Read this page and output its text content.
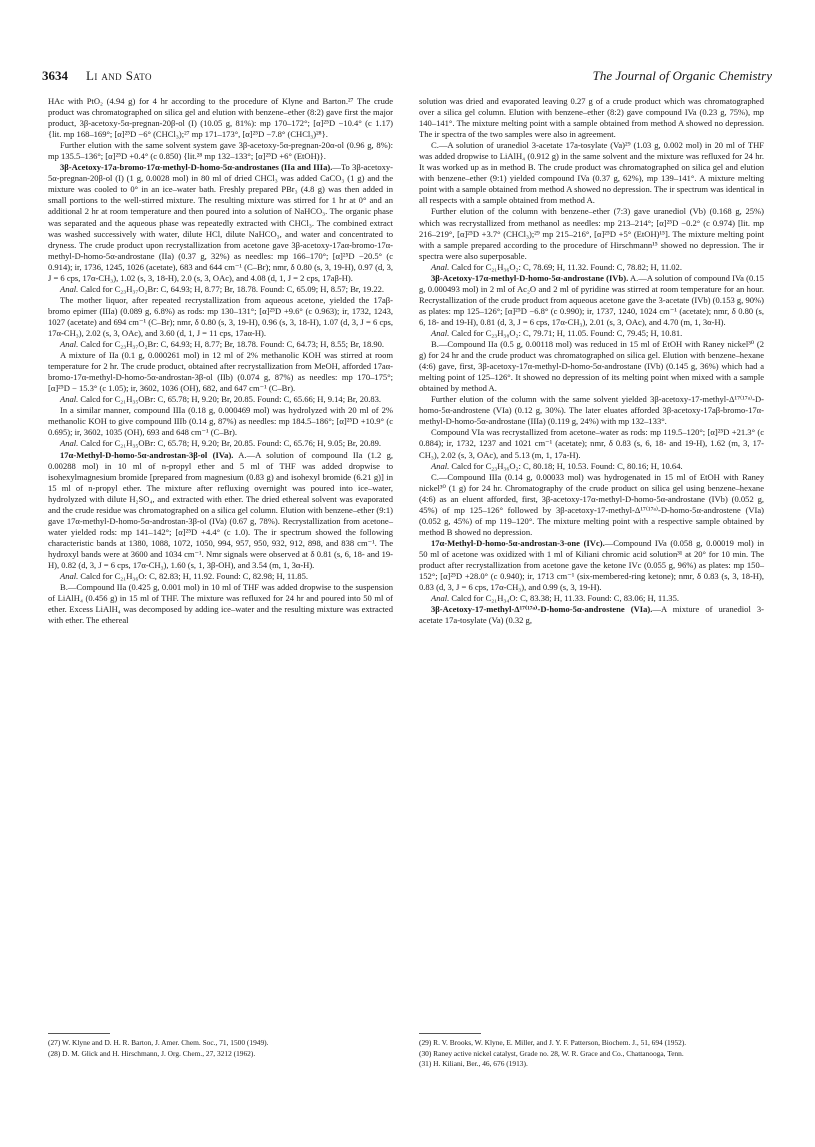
3634 Li and Sato	The Journal of Organic Chemistry

HAc with PtO₂ (4.94 g) for 4 hr according to the procedure of Klyne and Barton.²⁷ The crude product was chromatographed on silica gel and elution with benzene–ether (8:2) gave first the major product, 3β-acetoxy-5α-pregnan-20β-ol (I) (10.05 g, 81%): mp 170–172°; [α]²⁵D −10.4° (c 1.17) {lit. mp 168–169°; [α]²⁵D −6° (CHCl₃);²⁷ mp 171–173°, [α]²⁵D −7.8° (CHCl₃)²⁸}.

Further elution with the same solvent system gave 3β-acetoxy-5α-pregnan-20α-ol (0.96 g, 8%): mp 135.5–136°; [α]²⁵D +0.4° (c 0.850) {lit.²⁸ mp 132–133°; [α]²⁵D +6° (EtOH)}.

3β-Acetoxy-17a-bromo-17α-methyl-D-homo-5α-androstanes (IIa and IIIa).—To 3β-acetoxy-5α-pregnan-20β-ol (I) (1 g, 0.0028 mol) in 80 ml of dried CHCl₃ was added CaCO₃ (1 g) and the mixture was cooled to 0° in an ice–water bath. Freshly prepared PBr₃ (4.8 g) was then added in small portions to the well-stirred mixture. The resulting mixture was stirred for 1 hr at 0° and an additional 2 hr at room temperature and then poured into a solution of NaHCO₃. The organic phase was separated and the aqueous phase was repeatedly extracted with CHCl₃. The combined extract was washed successively with water, dilute HCl, dilute NaHCO₃, and water and concentrated to dryness. The crude product upon recrystallization from acetone gave 3β-acetoxy-17aα-bromo-17α-methyl-D-homo-5α-androstane (IIa) (0.37 g, 32%) as needles: mp 166–170°; [α]²⁵D −20.5° (c 0.914); ir, 1736, 1245, 1026 (acetate), 683 and 644 cm⁻¹ (C–Br); nmr, δ 0.80 (s, 3, 19-H), 0.97 (d, 3, J = 6 cps, 17α-CH₃), 1.02 (s, 3, 18-H), 2.0 (s, 3, OAc), and 4.08 (d, 1, J = 2 cps, 17aβ-H).

Anal. Calcd for C₂₃H₃₇O₂Br: C, 64.93; H, 8.77; Br, 18.78. Found: C, 65.09; H, 8.57; Br, 19.22.

The mother liquor, after repeated recrystallization from aqueous acetone, yielded the 17aβ-bromo epimer (IIIa) (0.089 g, 6.8%) as rods: mp 130–131°; [α]²⁵D +9.6° (c 0.963); ir, 1732, 1243, 1027 (acetate) and 694 cm⁻¹ (C–Br); nmr, δ 0.80 (s, 3, 19-H), 0.96 (s, 3, 18-H), 1.07 (d, 3, J = 6 cps, 17α-CH₃), 2.02 (s, 3, OAc), and 3.60 (d, 1, J = 11 cps, 17aα-H).

Anal. Calcd for C₂₃H₃₇O₂Br: C, 64.93; H, 8.77; Br, 18.78. Found: C, 64.73; H, 8.55; Br, 18.90.

A mixture of IIa (0.1 g, 0.000261 mol) in 12 ml of 2% methanolic KOH was stirred at room temperature for 2 hr. The crude product, obtained after recrystallization from MeOH, afforded 17aα-bromo-17α-methyl-D-homo-5α-androstan-3β-ol (IIb) (0.074 g, 87%) as needles: mp 170–175°; [α]²⁵D − 15.3° (c 1.05); ir, 3602, 1036 (OH), 682, and 647 cm⁻¹ (C–Br).

Anal. Calcd for C₂₁H₃₅OBr: C, 65.78; H, 9.20; Br, 20.85. Found: C, 65.66; H, 9.14; Br, 20.83.

In a similar manner, compound IIIa (0.18 g, 0.000469 mol) was hydrolyzed with 20 ml of 2% methanolic KOH to give compound IIIb (0.14 g, 87%) as needles: mp 184.5–186°; [α]²⁵D +10.9° (c 0.695); ir, 3602, 1035 (OH), 693 and 648 cm⁻¹ (C–Br).

Anal. Calcd for C₂₁H₃₅OBr: C, 65.78; H, 9.20; Br, 20.85. Found: C, 65.76; H, 9.05; Br, 20.89.

17α-Methyl-D-homo-5α-androstan-3β-ol (IVa). A.—A solution of compound IIa (1.2 g, 0.00288 mol) in 10 ml of n-propyl ether and 5 ml of THF was added dropwise to isohexylmagnesium bromide [prepared from magnesium (0.83 g) and isohexyl bromide (6.21 g)] in 15 ml of n-propyl ether. The mixture after refluxing overnight was poured into ice–water, hydrolyzed with dilute H₂SO₄, and extracted with ether. The dried ethereal solvent was evaporated and the crude residue was chromatographed on a silica gel column. Elution with benzene–ether (9:1) gave 17α-methyl-D-homo-5α-androstan-3β-ol (IVa) (0.67 g, 78%). Recrystallization from acetone–water yielded rods: mp 141–142°; [α]²⁵D +4.4° (c 1.0). The ir spectrum showed the following characteristic bands at 1380, 1088, 1072, 1050, 994, 957, 950, 932, 912, 898, and 838 cm⁻¹. The hydroxyl bands were at 3600 and 1034 cm⁻¹. Nmr signals were observed at δ 0.81 (s, 6, 18- and 19-H), 0.82 (d, 3, J = 6 cps, 17α-CH₃), 1.60 (s, 1, 3β-OH), and 3.54 (m, 1, 3α-H).

Anal. Calcd for C₂₁H₃₆O: C, 82.83; H, 11.92. Found: C, 82.98; H, 11.85.

B.—Compound IIa (0.425 g, 0.001 mol) in 10 ml of THF was added dropwise to the suspension of LiAlH₄ (0.456 g) in 15 ml of THF. The mixture was refluxed for 24 hr and poured into 50 ml of ether. Excess LiAlH₄ was decomposed by adding ice–water and the resulting mixture was extracted with ether. The ethereal

solution was dried and evaporated leaving 0.27 g of a crude product which was chromatographed over a silica gel column. Elution with benzene–ether (8:2) gave compound IVa (0.23 g, 75%), mp 140–141°. The mixture melting point with a sample obtained from method A showed no depression. The ir spectra of the two samples were also in agreement.

C.—A solution of uranediol 3-acetate 17a-tosylate (Va)²⁹ (1.03 g, 0.002 mol) in 20 ml of THF was added dropwise to LiAlH₄ (0.912 g) in the same solvent and the mixture was refluxed for 24 hr. It was worked up as in method B. The crude product was chromatographed on silica gel and elution with benzene–ether (9:1) yielded compound IVa (0.37 g, 62%), mp 139–141°. A mixture melting point with a sample obtained from method A showed no depression. The ir spectrum was identical in all respects with a sample obtained from method A.

Further elution of the column with benzene–ether (7:3) gave uranediol (Vb) (0.168 g, 25%) which was recrystallized from methanol as needles: mp 213–214°; [α]²⁵D −0.2° (c 0.974) [lit. mp 216–219°, [α]²⁵D +3.7° (CHCl₃);²⁹ mp 215–216°, [α]²⁵D +5° (EtOH)¹⁵]. The mixture melting point with a sample prepared according to the procedure of Hirschmann¹⁵ showed no depression. The ir spectra were also superposable.

Anal. Calcd for C₂₁H₃₆O₂: C, 78.69; H, 11.32. Found: C, 78.82; H, 11.02.

3β-Acetoxy-17α-methyl-D-homo-5α-androstane (IVb). A.—A solution of compound IVa (0.15 g, 0.000493 mol) in 2 ml of Ac₂O and 2 ml of pyridine was stirred at room temperature for an hour. Recrystallization of the crude product from aqueous acetone gave the 3-acetate (IVb) (0.153 g, 90%) as plates: mp 125–126°; [α]²⁵D −6.8° (c 0.990); ir, 1737, 1240, 1024 cm⁻¹ (acetate); nmr, δ 0.80 (s, 6, 18- and 19-H), 0.81 (d, 3, J = 6 cps, 17α-CH₃), 2.01 (s, 3, OAc), and 4.70 (m, 1, 3α-H).

Anal. Calcd for C₂₃H₃₈O₂: C, 79.71; H, 11.05. Found: C, 79.45; H, 10.81.

B.—Compound IIa (0.5 g, 0.00118 mol) was reduced in 15 ml of EtOH with Raney nickel³⁰ (2 g) for 24 hr and the crude product was chromatographed on silica gel. Elution with benzene–hexane (4:6) gave, first, 3β-acetoxy-17α-methyl-D-homo-5α-androstane (IVb) (0.145 g, 36%) which had a melting point of 125–126°. It showed no depression of its melting point when mixed with a sample obtained by method A.

Further elution of the column with the same solvent yielded 3β-acetoxy-17-methyl-Δ¹⁷⁽¹⁷ᵃ⁾-D-homo-5α-androstene (VIa) (0.12 g, 30%). The later eluates afforded 3β-acetoxy-17aβ-bromo-17α-methyl-D-homo-5α-androstane (IIIa) (0.119 g, 24%) with mp 132–133°.

Compound VIa was recrystallized from acetone–water as rods: mp 119.5–120°; [α]²⁵D +21.3° (c 0.884); ir, 1732, 1237 and 1021 cm⁻¹ (acetate); nmr, δ 0.83 (s, 6, 18- and 19-H), 1.62 (m, 3, 17-CH₃), 2.02 (s, 3, OAc), and 5.13 (m, 1, 17a-H).

Anal. Calcd for C₂₃H₃₆O₂: C, 80.18; H, 10.53. Found: C, 80.16; H, 10.64.

C.—Compound IIIa (0.14 g, 0.00033 mol) was hydrogenated in 15 ml of EtOH with Raney nickel³⁰ (1 g) for 24 hr. Chromatography of the crude product on silica gel using benzene–hexane (4:6) as an eluent afforded, first, 3β-acetoxy-17α-methyl-D-homo-5α-androstane (IVb) (0.052 g, 45%) of mp 125–126° followed by 3β-acetoxy-17-methyl-Δ¹⁷⁽¹⁷ᵃ⁾-D-homo-5α-androstene (VIa) (0.052 g, 45%) of mp 119–120°. The mixture melting point with a respective sample obtained by method B showed no depression.

17α-Methyl-D-homo-5α-androstan-3-one (IVc).—Compound IVa (0.058 g, 0.00019 mol) in 50 ml of acetone was oxidized with 1 ml of Kiliani chromic acid solution³¹ at 20° for 10 min. The product after recrystallization from acetone gave the ketone IVc (0.055 g, 96%) as plates: mp 150–152°; [α]²⁵D +28.0° (c 0.940); ir, 1713 cm⁻¹ (six-membered-ring ketone); nmr, δ 0.83 (s, 3, 18-H), 0.83 (d, 3, J = 6 cps, 17α-CH₃), and 0.99 (s, 3, 19-H).

Anal. Calcd for C₂₁H₃₄O: C, 83.38; H, 11.33. Found: C, 83.06; H, 11.35.

3β-Acetoxy-17-methyl-Δ¹⁷⁽¹⁷ᵃ⁾-D-homo-5α-androstene (VIa).—A mixture of uranediol 3-acetate 17a-tosylate (Va) (0.32 g,

(27) W. Klyne and D. H. R. Barton, J. Amer. Chem. Soc., 71, 1500 (1949).

(28) D. M. Glick and H. Hirschmann, J. Org. Chem., 27, 3212 (1962).

(29) R. V. Brooks, W. Klyne, E. Miller, and J. Y. F. Patterson, Biochem. J., 51, 694 (1952).

(30) Raney active nickel catalyst, Grade no. 28, W. R. Grace and Co., Chattanooga, Tenn.

(31) H. Kiliani, Ber., 46, 676 (1913).
